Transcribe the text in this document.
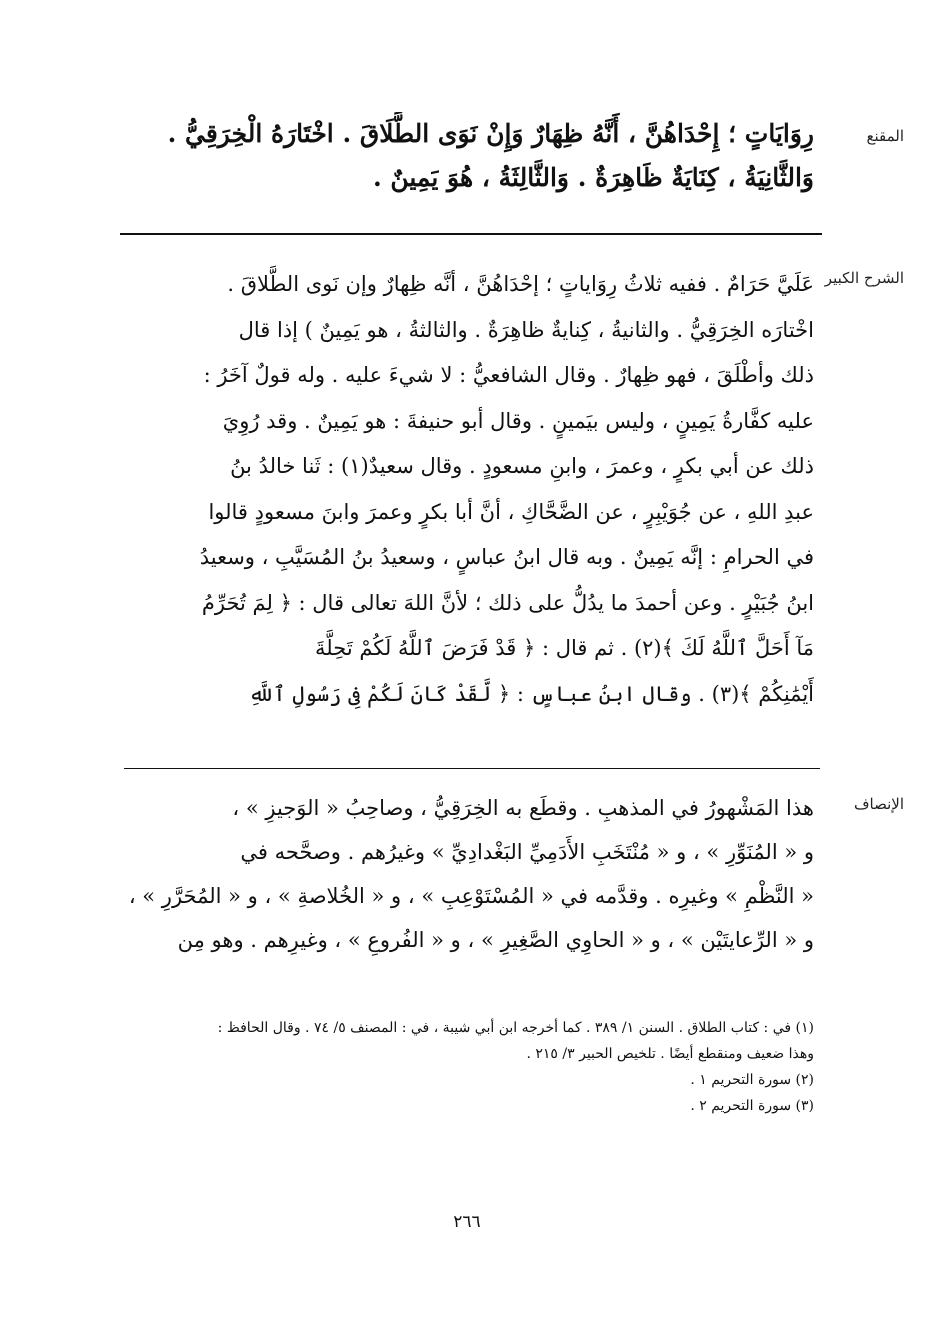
المقنع
رِوَايَاتٍ ؛ إِحْدَاهُنَّ ، أَنَّهُ ظِهَارٌ وَإِنْ نَوَى الطَّلَاقَ . اخْتَارَهُ الْخِرَقِيُّ .
وَالثَّانِيَةُ ، كِنَايَةٌ ظَاهِرَةٌ . وَالثَّالِثَةُ ، هُوَ يَمِينٌ .
الشرح الكبير
عَلَيَّ حَرَامٌ . ففيه ثلاثُ رِوَاياتٍ ؛ إحْدَاهُنَّ ، أنَّه ظِهارٌ وإن نَوى الطَّلاقَ .
اخْتارَه الخِرَقِيُّ . والثانيةُ ، كِنايةٌ ظاهِرَةٌ . والثالثةُ ، هو يَمِينٌ ) إذا قال
ذلك وأطْلَقَ ، فهو ظِهارٌ . وقال الشافعيُّ : لا شيءَ عليه . وله قولٌ آخَرُ :
عليه كفَّارةُ يَمِينٍ ، وليس بيَمينٍ . وقال أبو حنيفةَ : هو يَمِينٌ . وقد رُوِيَ
ذلك عن أبي بكرٍ ، وعمرَ ، وابنِ مسعودٍ . وقال سعيدٌ(١) : ثَنا خالدُ بنُ
عبدِ اللهِ ، عن جُوَيْبِرٍ ، عن الضَّحَّاكِ ، أنَّ أبا بكرٍ وعمرَ وابنَ مسعودٍ قالوا
في الحرامِ : إنَّه يَمِينٌ . وبه قال ابنُ عباسٍ ، وسعيدُ بنُ المُسَيَّبِ ، وسعيدُ
ابنُ جُبَيْرٍ . وعن أحمدَ ما يدُلُّ على ذلك ؛ لأنَّ اللهَ تعالى قال : ﴿ لِمَ تُحَرِّمُ
مَآ أَحَلَّ ٱللَّهُ لَكَ ﴾(٢) . ثم قال : ﴿ قَدْ فَرَضَ ٱللَّهُ لَكُمْ تَحِلَّةَ
أَيْمَٰنِكُمْ ﴾(٣) . وقال ابنُ عباسٍ : ﴿ لَّقَدْ كَانَ لَكُمْ فِى رَسُولِ ٱللَّهِ
الإنصاف
هذا المَشْهورُ في المذهبِ . وقطَع به الخِرَقِيُّ ، وصاحِبُ « الوَجيزِ » ،
و « المُنَوِّرِ » ، و « مُنْتَخَبِ الأَدَمِيِّ البَغْدادِيِّ » وغيرُهم . وصحَّحه في
« النَّظْمِ » وغيرِه . وقدَّمه في « المُسْتَوْعِبِ » ، و « الخُلاصةِ » ، و « المُحَرَّرِ » ،
و « الرِّعايتَيْن » ، و « الحاوِي الصَّغِيرِ » ، و « الفُروعِ » ، وغيرِهم . وهو مِن
(١) في : كتاب الطلاق . السنن ١/ ٣٨٩ . كما أخرجه ابن أبي شيبة ، في : المصنف ٥/ ٧٤ . وقال الحافظ :
وهذا ضعيف ومنقطع أيضًا . تلخيص الحبير ٣/ ٢١٥ .
(٢) سورة التحريم ١ .
(٣) سورة التحريم ٢ .
٢٦٦
